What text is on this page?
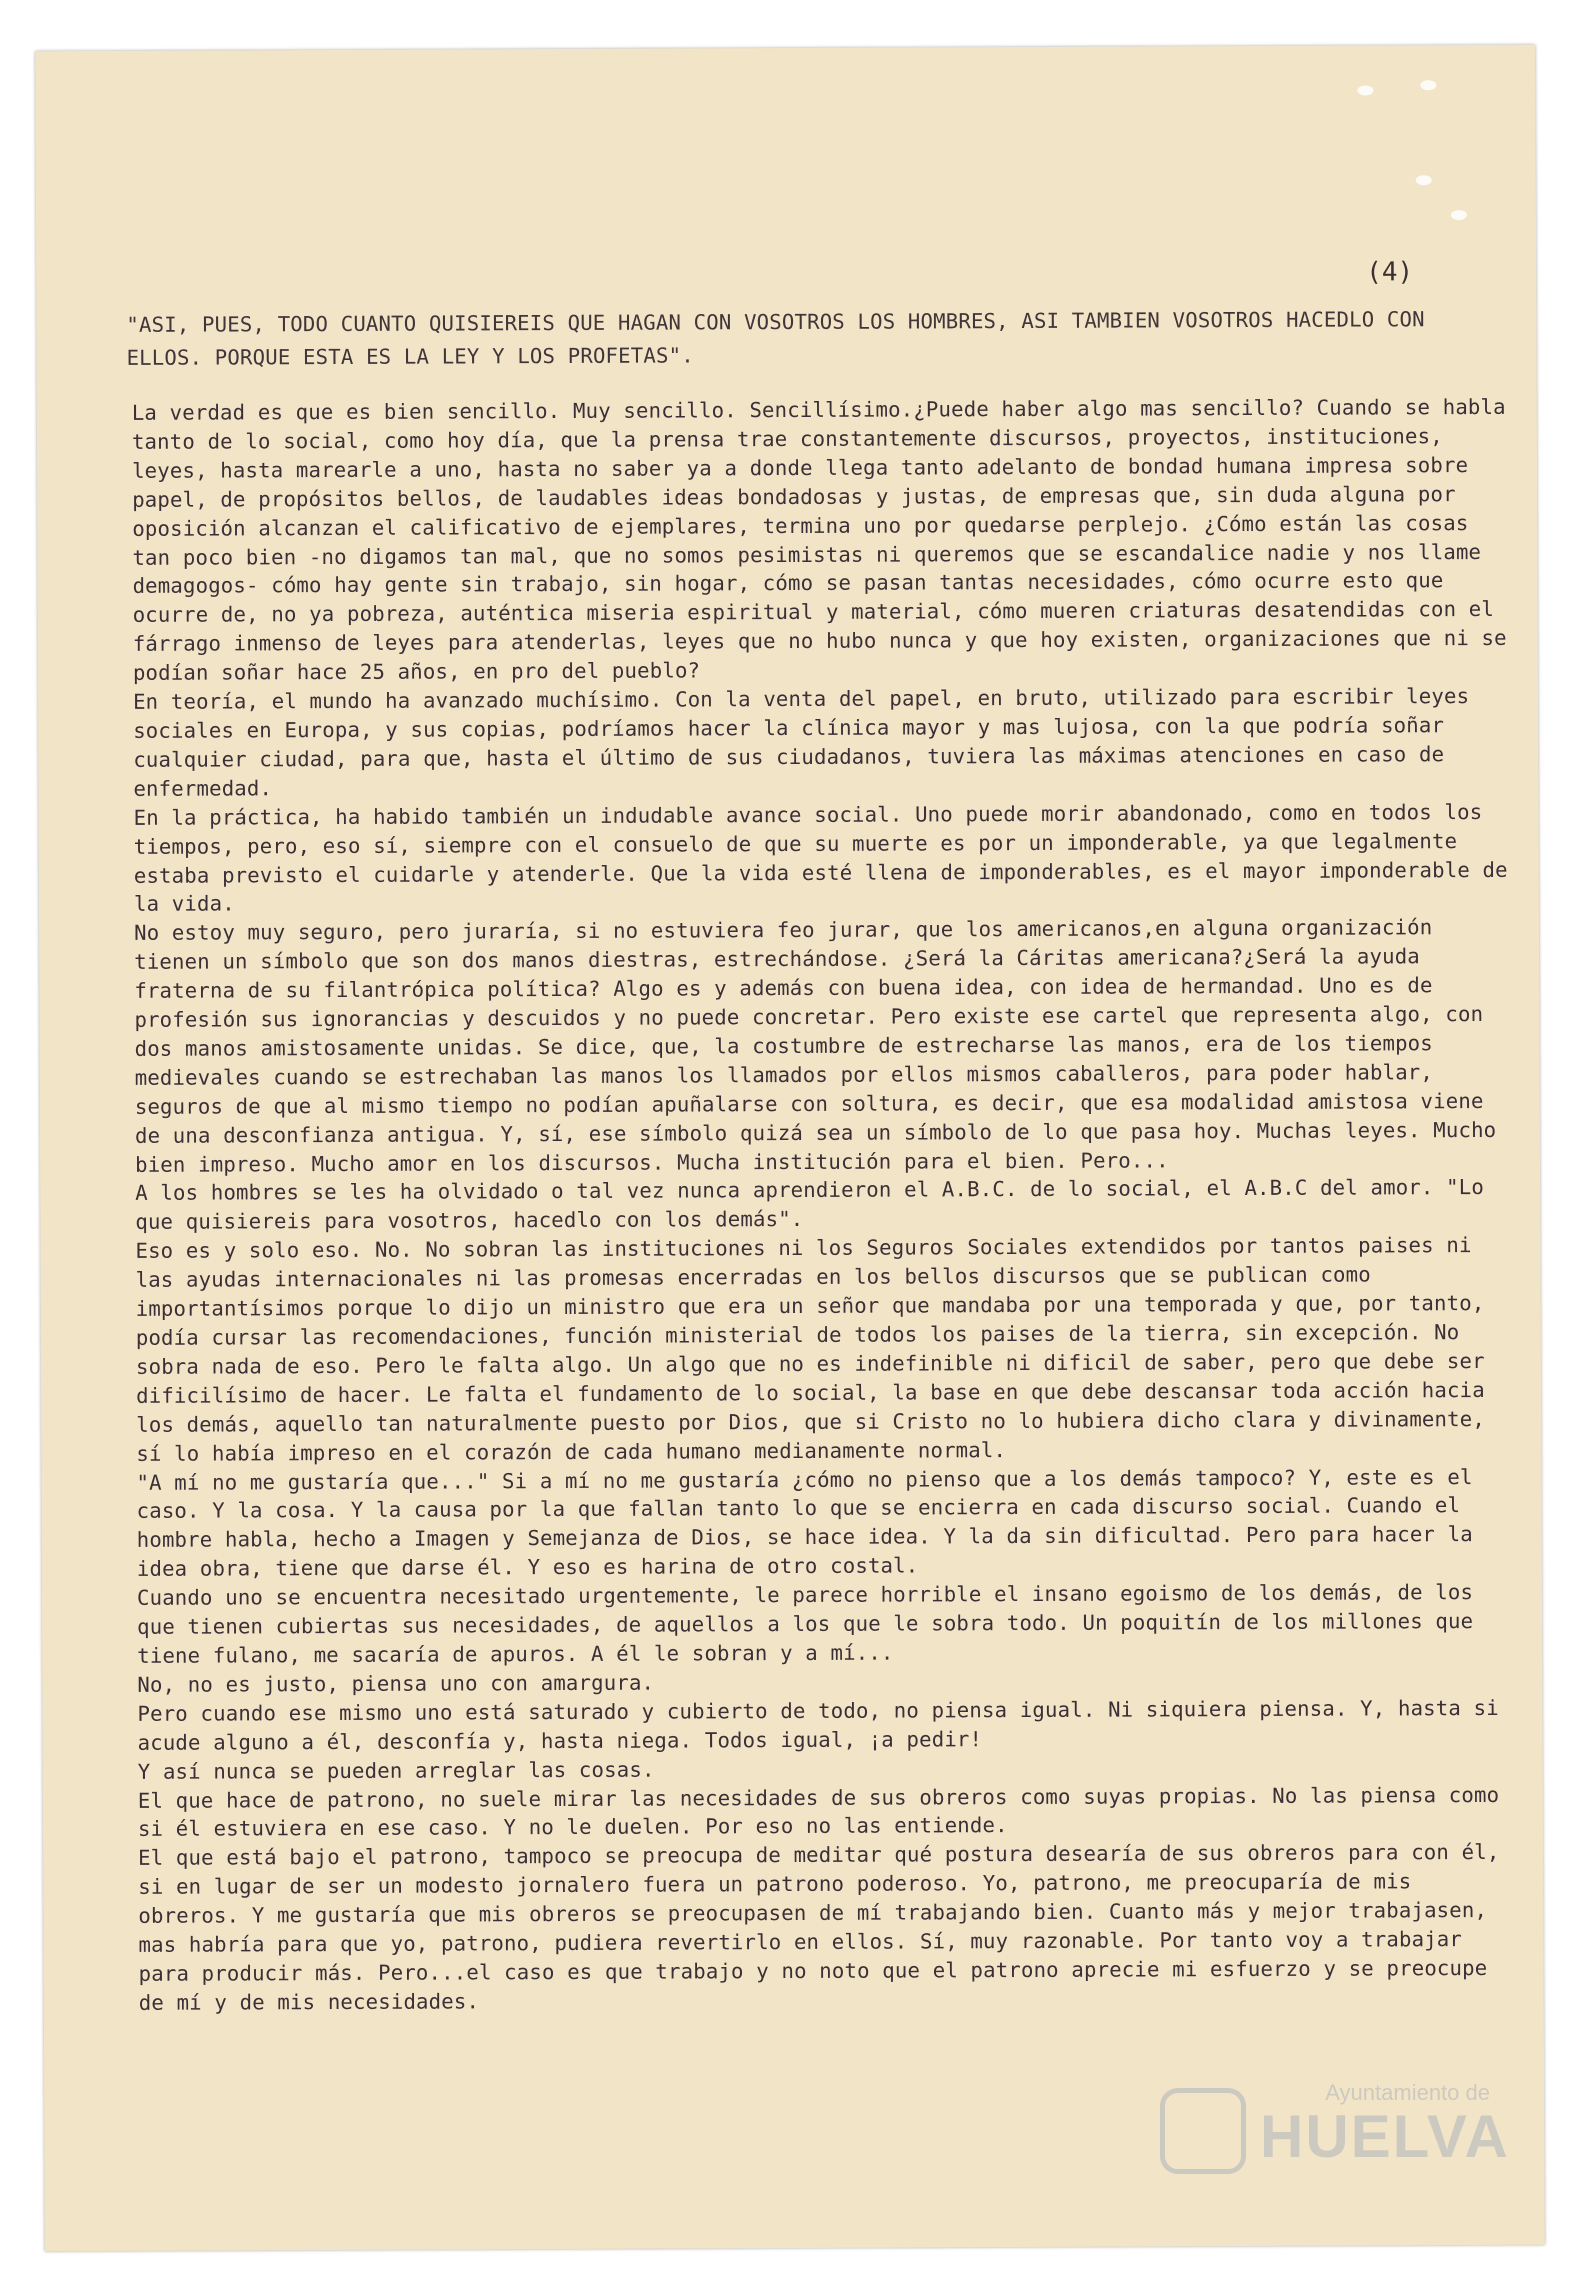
(4)

"ASI, PUES, TODO CUANTO QUISIEREIS QUE HAGAN CON VOSOTROS LOS HOMBRES, ASI TAMBIEN VOSOTROS HACEDLO CON ELLOS. PORQUE ESTA ES LA LEY Y LOS PROFETAS".

La verdad es que es bien sencillo. Muy sencillo. Sencillísimo.¿Puede haber algo mas sencillo? Cuando se habla tanto de lo social, como hoy día, que la prensa trae constantemente discursos, proyectos, instituciones, leyes, hasta marearle a uno, hasta no saber ya a donde llega tanto adelanto de bondad humana impresa sobre papel, de propósitos bellos, de laudables ideas bondadosas y justas, de empresas que, sin duda alguna por oposición alcanzan el calificativo de ejemplares, termina uno por quedarse perplejo. ¿Cómo están las cosas tan poco bien -no digamos tan mal, que no somos pesimistas ni queremos que se escandalice nadie y nos llame demagogos- cómo hay gente sin trabajo, sin hogar, cómo se pasan tantas necesidades, cómo ocurre esto que ocurre de, no ya pobreza, auténtica miseria espiritual y material, cómo mueren criaturas desatendidas con el fárrago inmenso de leyes para atenderlas, leyes que no hubo nunca y que hoy existen, organizaciones que ni se podían soñar hace 25 años, en pro del pueblo?

En teoría, el mundo ha avanzado muchísimo. Con la venta del papel, en bruto, utilizado para escribir leyes sociales en Europa, y sus copias, podríamos hacer la clínica mayor y mas lujosa, con la que podría soñar cualquier ciudad, para que, hasta el último de sus ciudadanos, tuviera las máximas atenciones en caso de enfermedad.

En la práctica, ha habido también un indudable avance social. Uno puede morir abandonado, como en todos los tiempos, pero, eso sí, siempre con el consuelo de que su muerte es por un imponderable, ya que legalmente estaba previsto el cuidarle y atenderle. Que la vida esté llena de imponderables, es el mayor imponderable de la vida.

No estoy muy seguro, pero juraría, si no estuviera feo jurar, que los americanos,en alguna organización tienen un símbolo que son dos manos diestras, estrechándose. ¿Será la Cáritas americana?¿Será la ayuda fraterna de su filantrópica política? Algo es y además con buena idea, con idea de hermandad. Uno es de profesión sus ignorancias y descuidos y no puede concretar. Pero existe ese cartel que representa algo, con dos manos amistosamente unidas. Se dice, que, la costumbre de estrecharse las manos, era de los tiempos medievales cuando se estrechaban las manos los llamados por ellos mismos caballeros, para poder hablar, seguros de que al mismo tiempo no podían apuñalarse con soltura, es decir, que esa modalidad amistosa viene de una desconfianza antigua. Y, sí, ese símbolo quizá sea un símbolo de lo que pasa hoy. Muchas leyes. Mucho bien impreso. Mucho amor en los discursos. Mucha institución para el bien. Pero...

A los hombres se les ha olvidado o tal vez nunca aprendieron el A.B.C. de lo social, el A.B.C del amor. "Lo que quisiereis para vosotros, hacedlo con los demás".

Eso es y solo eso. No. No sobran las instituciones ni los Seguros Sociales extendidos por tantos paises ni las ayudas internacionales ni las promesas encerradas en los bellos discursos que se publican como importantísimos porque lo dijo un ministro que era un señor que mandaba por una temporada y que, por tanto, podía cursar las recomendaciones, función ministerial de todos los paises de la tierra, sin excepción. No sobra nada de eso. Pero le falta algo. Un algo que no es indefinible ni dificil de saber, pero que debe ser dificilísimo de hacer. Le falta el fundamento de lo social, la base en que debe descansar toda acción hacia los demás, aquello tan naturalmente puesto por Dios, que si Cristo no lo hubiera dicho clara y divinamente, sí lo había impreso en el corazón de cada humano medianamente normal.

"A mí no me gustaría que..." Si a mí no me gustaría ¿cómo no pienso que a los demás tampoco? Y, este es el caso. Y la cosa. Y la causa por la que fallan tanto lo que se encierra en cada discurso social. Cuando el hombre habla, hecho a Imagen y Semejanza de Dios, se hace idea. Y la da sin dificultad. Pero para hacer la idea obra, tiene que darse él. Y eso es harina de otro costal.

Cuando uno se encuentra necesitado urgentemente, le parece horrible el insano egoismo de los demás, de los que tienen cubiertas sus necesidades, de aquellos a los que le sobra todo. Un poquitín de los millones que tiene fulano, me sacaría de apuros. A él le sobran y a mí...

No, no es justo, piensa uno con amargura.

Pero cuando ese mismo uno está saturado y cubierto de todo, no piensa igual. Ni siquiera piensa. Y, hasta si acude alguno a él, desconfía y, hasta niega. Todos igual, ¡a pedir!

Y así nunca se pueden arreglar las cosas.

El que hace de patrono, no suele mirar las necesidades de sus obreros como suyas propias. No las piensa como si él estuviera en ese caso. Y no le duelen. Por eso no las entiende.

El que está bajo el patrono, tampoco se preocupa de meditar qué postura desearía de sus obreros para con él, si en lugar de ser un modesto jornalero fuera un patrono poderoso. Yo, patrono, me preocuparía de mis obreros. Y me gustaría que mis obreros se preocupasen de mí trabajando bien. Cuanto más y mejor trabajasen, mas habría para que yo, patrono, pudiera revertirlo en ellos. Sí, muy razonable. Por tanto voy a trabajar para producir más. Pero...el caso es que trabajo y no noto que el patrono aprecie mi esfuerzo y se preocupe de mí y de mis necesidades.

Ayuntamiento de
HUELVA
